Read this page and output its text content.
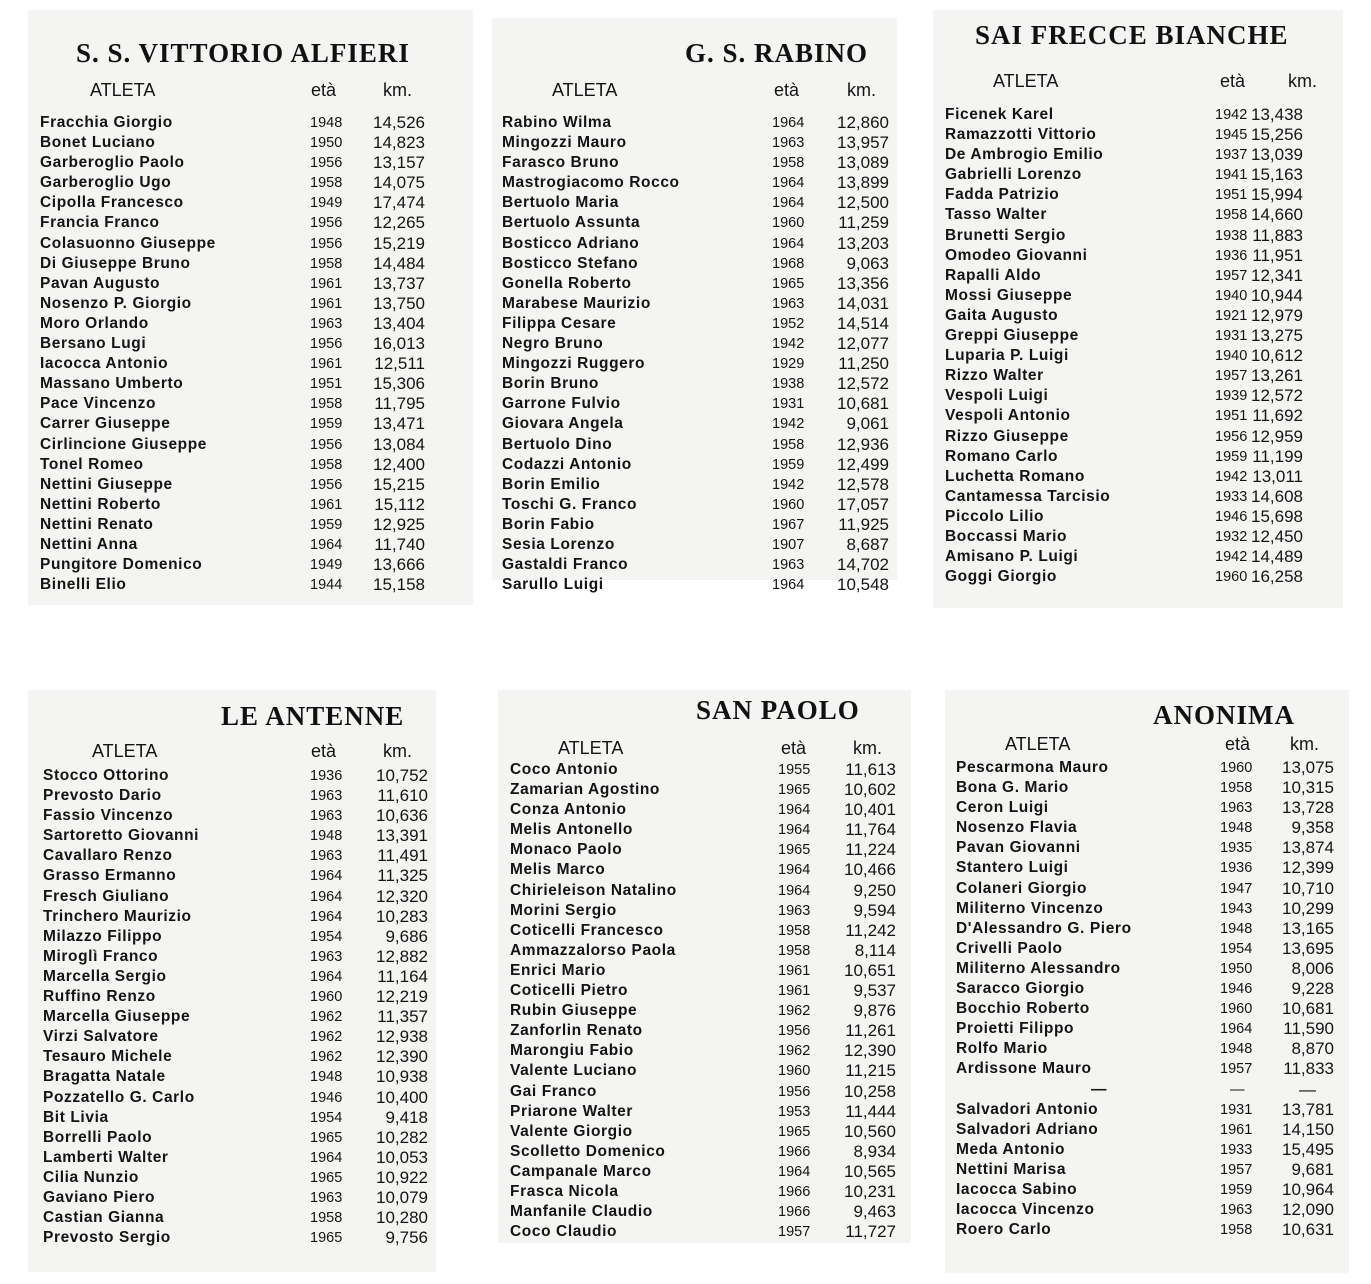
S. S. VITTORIO ALFIERI
ATLETA	età	km.
Fracchia Giorgio	1948 14,526
Bonet Luciano	1950 14,823
Garberoglio Paolo	1956 13,157
Garberoglio Ugo	1958 14,075
Cipolla Francesco	1949 17,474
Francia Franco	1956 12,265
Colasuonno Giuseppe	1956 15,219
Di Giuseppe Bruno	1958 14,484
Pavan Augusto	1961 13,737
Nosenzo P. Giorgio	1961 13,750
Moro Orlando	1963 13,404
Bersano Lugi	1956 16,013
Iacocca Antonio	1961 12,511
Massano Umberto	1951 15,306
Pace Vincenzo	1958 11,795
Carrer Giuseppe	1959 13,471
Cirlincione Giuseppe	1956 13,084
Tonel Romeo	1958 12,400
Nettini Giuseppe	1956 15,215
Nettini Roberto	1961 15,112
Nettini Renato	1959 12,925
Nettini Anna	1964 11,740
Pungitore Domenico	1949 13,666
Binelli Elio	1944 15,158
G. S. RABINO
ATLETA	età	km.
Rabino Wilma	1964 12,860
Mingozzi Mauro	1963 13,957
Farasco Bruno	1958 13,089
Mastrogiacomo Rocco	1964 13,899
Bertuolo Maria	1964 12,500
Bertuolo Assunta	1960 11,259
Bosticco Adriano	1964 13,203
Bosticco Stefano	1968 9,063
Gonella Roberto	1965 13,356
Marabese Maurizio	1963 14,031
Filippa Cesare	1952 14,514
Negro Bruno	1942 12,077
Mingozzi Ruggero	1929 11,250
Borin Bruno	1938 12,572
Garrone Fulvio	1931 10,681
Giovara Angela	1942 9,061
Bertuolo Dino	1958 12,936
Codazzi Antonio	1959 12,499
Borin Emilio	1942 12,578
Toschi G. Franco	1960 17,057
Borin Fabio	1967 11,925
Sesia Lorenzo	1907 8,687
Gastaldi Franco	1963 14,702
Sarullo Luigi	1964 10,548
SAI FRECCE BIANCHE
ATLETA	età km.
Ficenek Karel	1942 13,438
Ramazzotti Vittorio	1945 15,256
De Ambrogio Emilio	1937 13,039
Gabrielli Lorenzo	1941 15,163
Fadda Patrizio	1951 15,994
Tasso Walter	1958 14,660
Brunetti Sergio	1938 11,883
Omodeo Giovanni	1936 11,951
Rapalli Aldo	1957 12,341
Mossi Giuseppe	1940 10,944
Gaita Augusto	1921 12,979
Greppi Giuseppe	1931 13,275
Luparia P. Luigi	1940 10,612
Rizzo Walter	1957 13,261
Vespoli Luigi	1939 12,572
Vespoli Antonio	1951 11,692
Rizzo Giuseppe	1956 12,959
Romano Carlo	1959 11,199
Luchetta Romano	1942 13,011
Cantamessa Tarcisio	1933 14,608
Piccolo Lilio	1946 15,698
Boccassi Mario	1932 12,450
Amisano P. Luigi	1942 14,489
Goggi Giorgio	1960 16,258
LE ANTENNE
ATLETA	età	km.
Stocco Ottorino	1936 10,752
Prevosto Dario	1963 11,610
Fassio Vincenzo	1963 10,636
Sartoretto Giovanni	1948 13,391
Cavallaro Renzo	1963 11,491
Grasso Ermanno	1964 11,325
Fresch Giuliano	1964 12,320
Trinchero Maurizio	1964 10,283
Milazzo Filippo	1954	9,686
Miroglì Franco	1963 12,882
Marcella Sergio	1964 11,164
Ruffino Renzo	1960 12,219
Marcella Giuseppe	1962 11,357
Virzi Salvatore	1962 12,938
Tesauro Michele	1962 12,390
Bragatta Natale	1948 10,938
Pozzatello G. Carlo	1946 10,400
Bit Livia	1954	9,418
Borrelli Paolo	1965 10,282
Lamberti Walter	1964 10,053
Cilia Nunzio	1965 10,922
Gaviano Piero	1963 10,079
Castian Gianna	1958 10,280
Prevosto Sergio	1965	9,756
SAN PAOLO
ATLETA	età	km.
Coco Antonio	1955 11,613
Zamarian Agostino	1965 10,602
Conza Antonio	1964 10,401
Melis Antonello	1964 11,764
Monaco Paolo	1965 11,224
Melis Marco	1964 10,466
Chirieleison Natalino	1964	9,250
Morini Sergio	1963	9,594
Coticelli Francesco	1958 11,242
Ammazzalorso Paola	1958	8,114
Enrici Mario	1961 10,651
Coticelli Pietro	1961	9,537
Rubin Giuseppe	1962	9,876
Zanforlin Renato	1956 11,261
Marongiu Fabio	1962 12,390
Valente Luciano	1960 11,215
Gai Franco	1956 10,258
Priarone Walter	1953 11,444
Valente Giorgio	1965 10,560
Scolletto Domenico	1966	8,934
Campanale Marco	1964 10,565
Frasca Nicola	1966 10,231
Manfanile Claudio	1966	9,463
Coco Claudio	1957 11,727
ANONIMA
ATLETA	età km.
Pescarmona Mauro	1960 13,075
Bona G. Mario	1958 10,315
Ceron Luigi	1963 13,728
Nosenzo Flavia	1948 9,358
Pavan Giovanni	1935 13,874
Stantero Luigi	1936 12,399
Colaneri Giorgio	1947 10,710
Militerno Vincenzo	1943 10,299
D'Alessandro G. Piero	1948 13,165
Crivelli Paolo	1954 13,695
Militerno Alessandro	1950 8,006
Saracco Giorgio	1946 9,228
Bocchio Roberto	1960 10,681
Proietti Filippo	1964 11,590
Rolfo Mario	1948 8,870
Ardissone Mauro	1957 11,833
—	—	—
Salvadori Antonio	1931 13,781
Salvadori Adriano	1961 14,150
Meda Antonio	1933 15,495
Nettini Marisa	1957 9,681
Iacocca Sabino	1959 10,964
Iacocca Vincenzo	1963 12,090
Roero Carlo	1958 10,631
